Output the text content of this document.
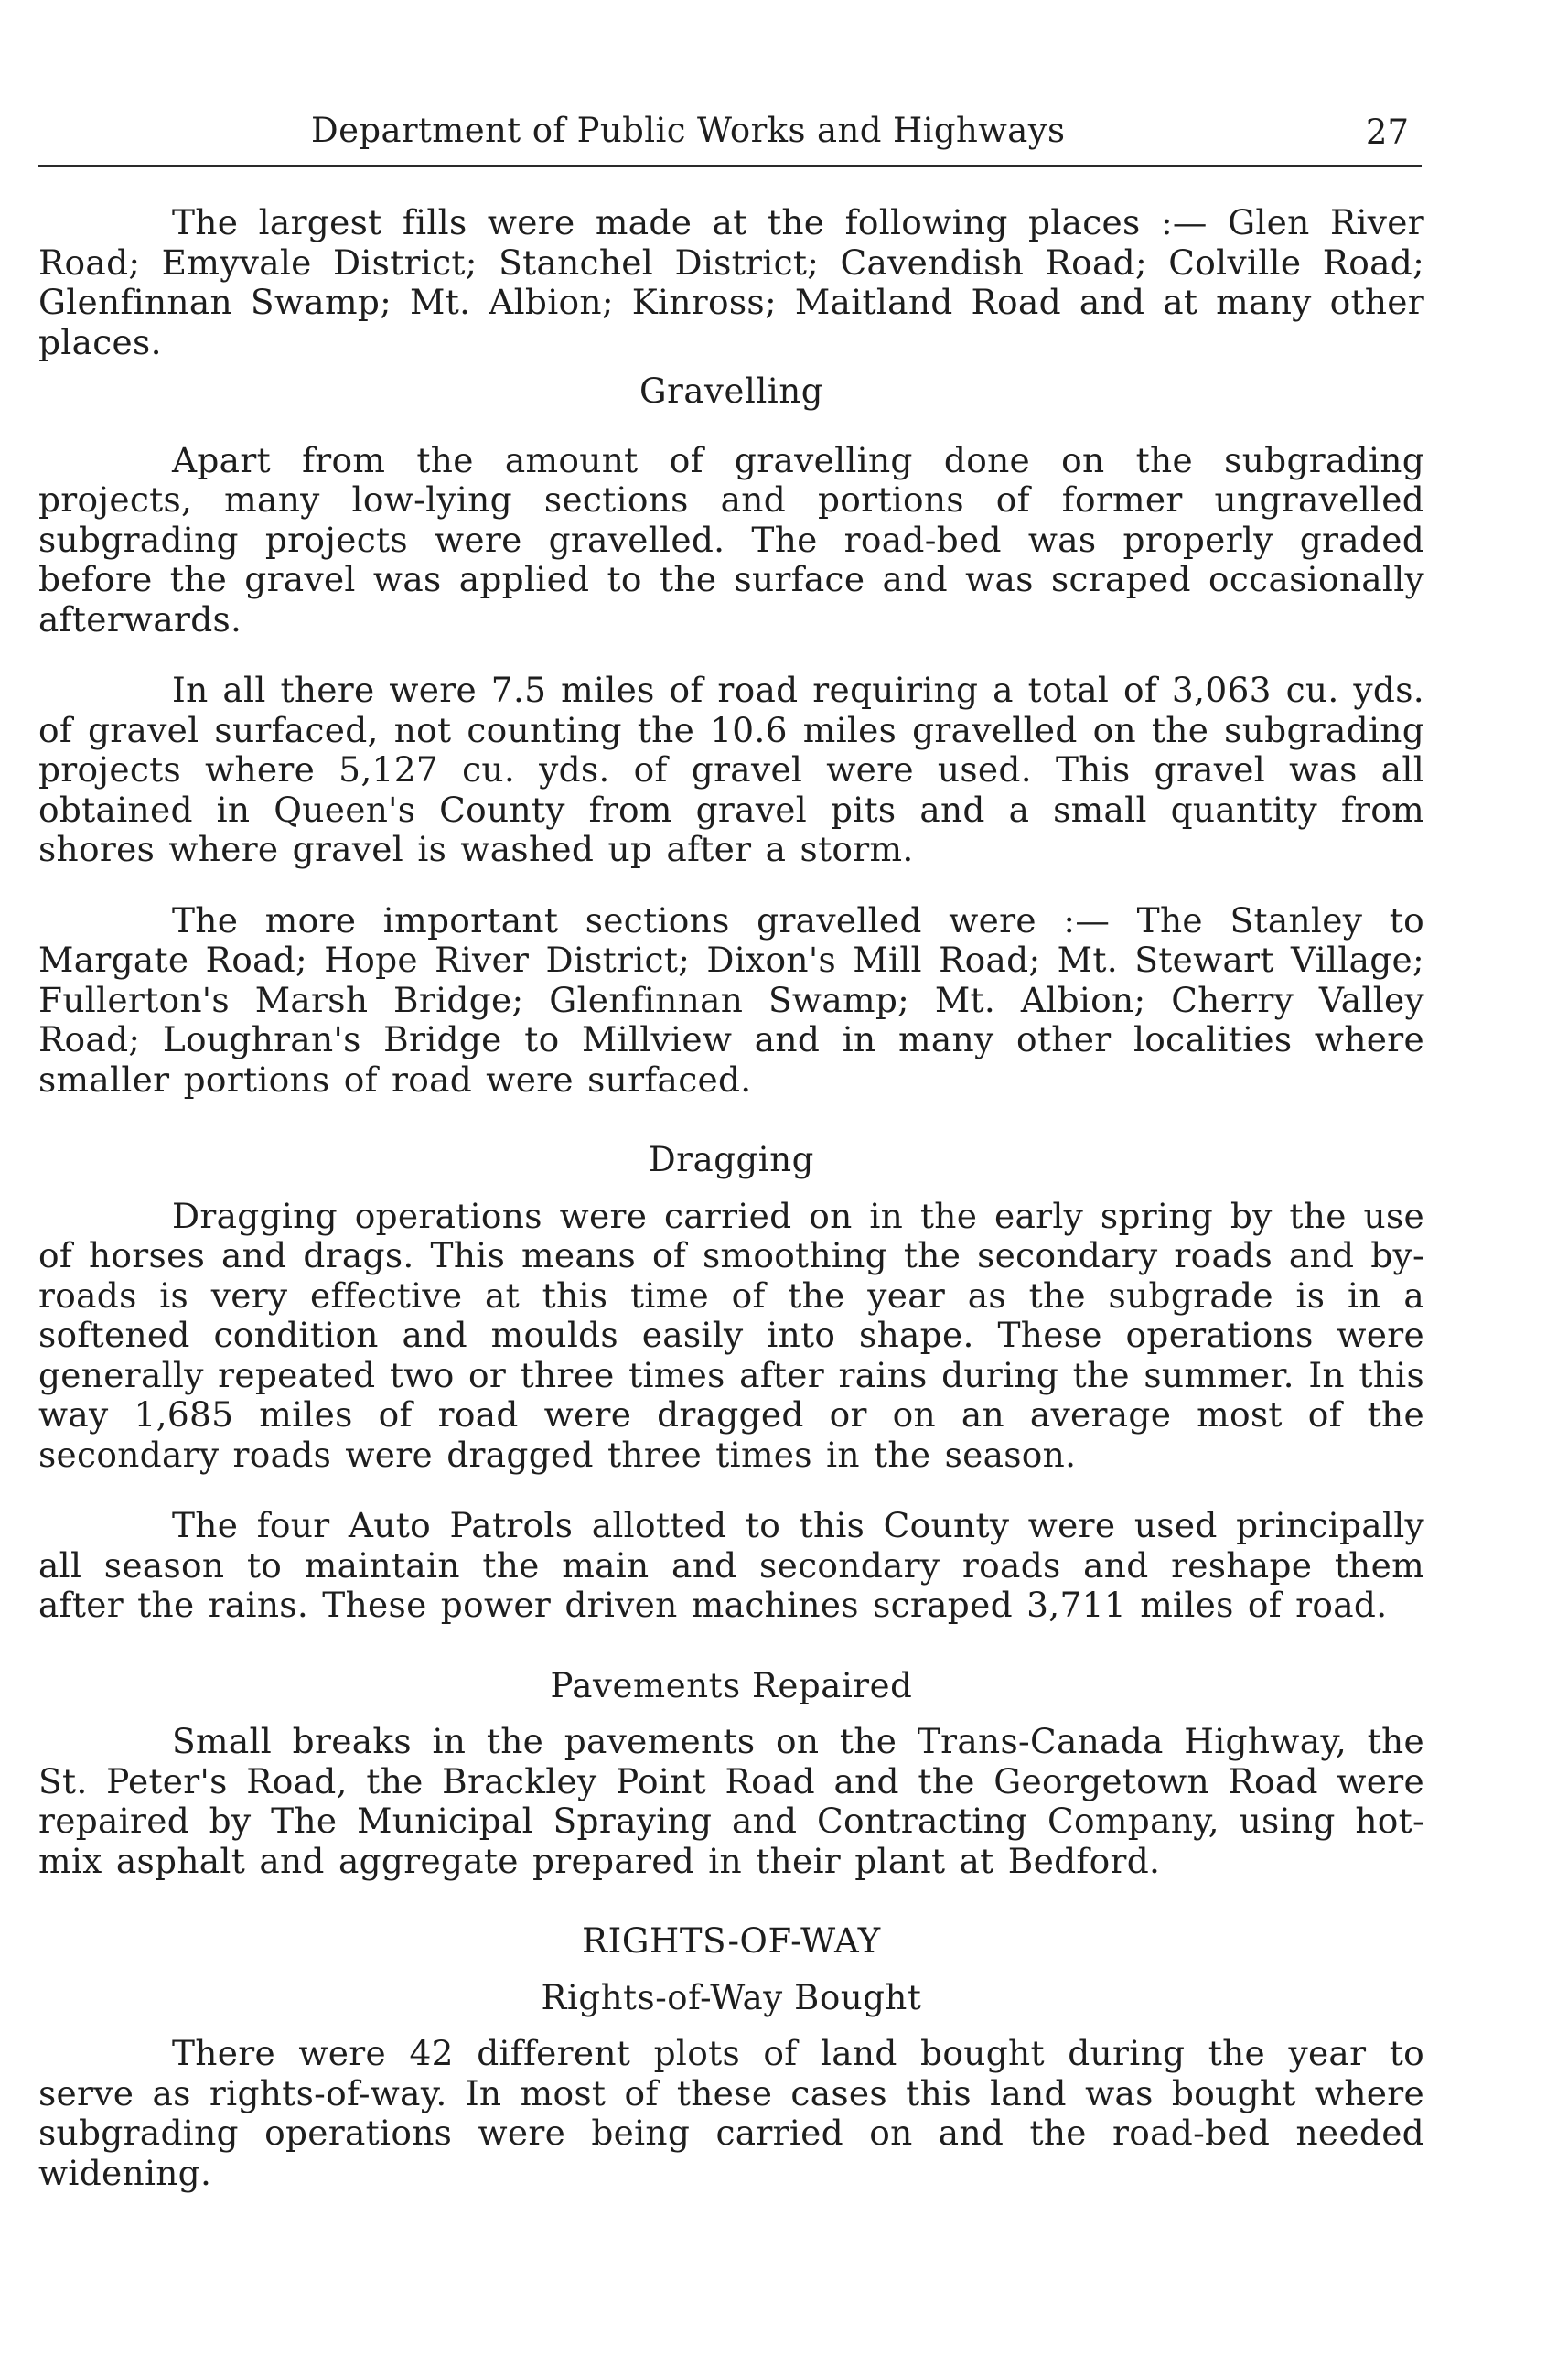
Department of Public Works and Highways	27

The largest fills were made at the following places :— Glen River Road; Emyvale District; Stanchel District; Cavendish Road; Colville Road; Glenfinnan Swamp; Mt. Albion; Kinross; Maitland Road and at many other places.

Gravelling

Apart from the amount of gravelling done on the subgrading projects, many low-lying sections and portions of former ungravelled subgrading projects were gravelled. The road-bed was properly graded before the gravel was applied to the surface and was scraped occasionally afterwards.

In all there were 7.5 miles of road requiring a total of 3,063 cu. yds. of gravel surfaced, not counting the 10.6 miles gravelled on the subgrading projects where 5,127 cu. yds. of gravel were used. This gravel was all obtained in Queen's County from gravel pits and a small quantity from shores where gravel is washed up after a storm.

The more important sections gravelled were :— The Stanley to Margate Road; Hope River District; Dixon's Mill Road; Mt. Stewart Village; Fullerton's Marsh Bridge; Glenfinnan Swamp; Mt. Albion; Cherry Valley Road; Loughran's Bridge to Millview and in many other localities where smaller portions of road were surfaced.

Dragging

Dragging operations were carried on in the early spring by the use of horses and drags. This means of smoothing the secondary roads and by-roads is very effective at this time of the year as the subgrade is in a softened condition and moulds easily into shape. These operations were generally repeated two or three times after rains during the summer. In this way 1,685 miles of road were dragged or on an average most of the secondary roads were dragged three times in the season.

The four Auto Patrols allotted to this County were used principally all season to maintain the main and secondary roads and reshape them after the rains. These power driven machines scraped 3,711 miles of road.

Pavements Repaired

Small breaks in the pavements on the Trans-Canada Highway, the St. Peter's Road, the Brackley Point Road and the Georgetown Road were repaired by The Municipal Spraying and Contracting Company, using hot-mix asphalt and aggregate prepared in their plant at Bedford.

RIGHTS-OF-WAY
Rights-of-Way Bought

There were 42 different plots of land bought during the year to serve as rights-of-way. In most of these cases this land was bought where subgrading operations were being carried on and the road-bed needed widening.
